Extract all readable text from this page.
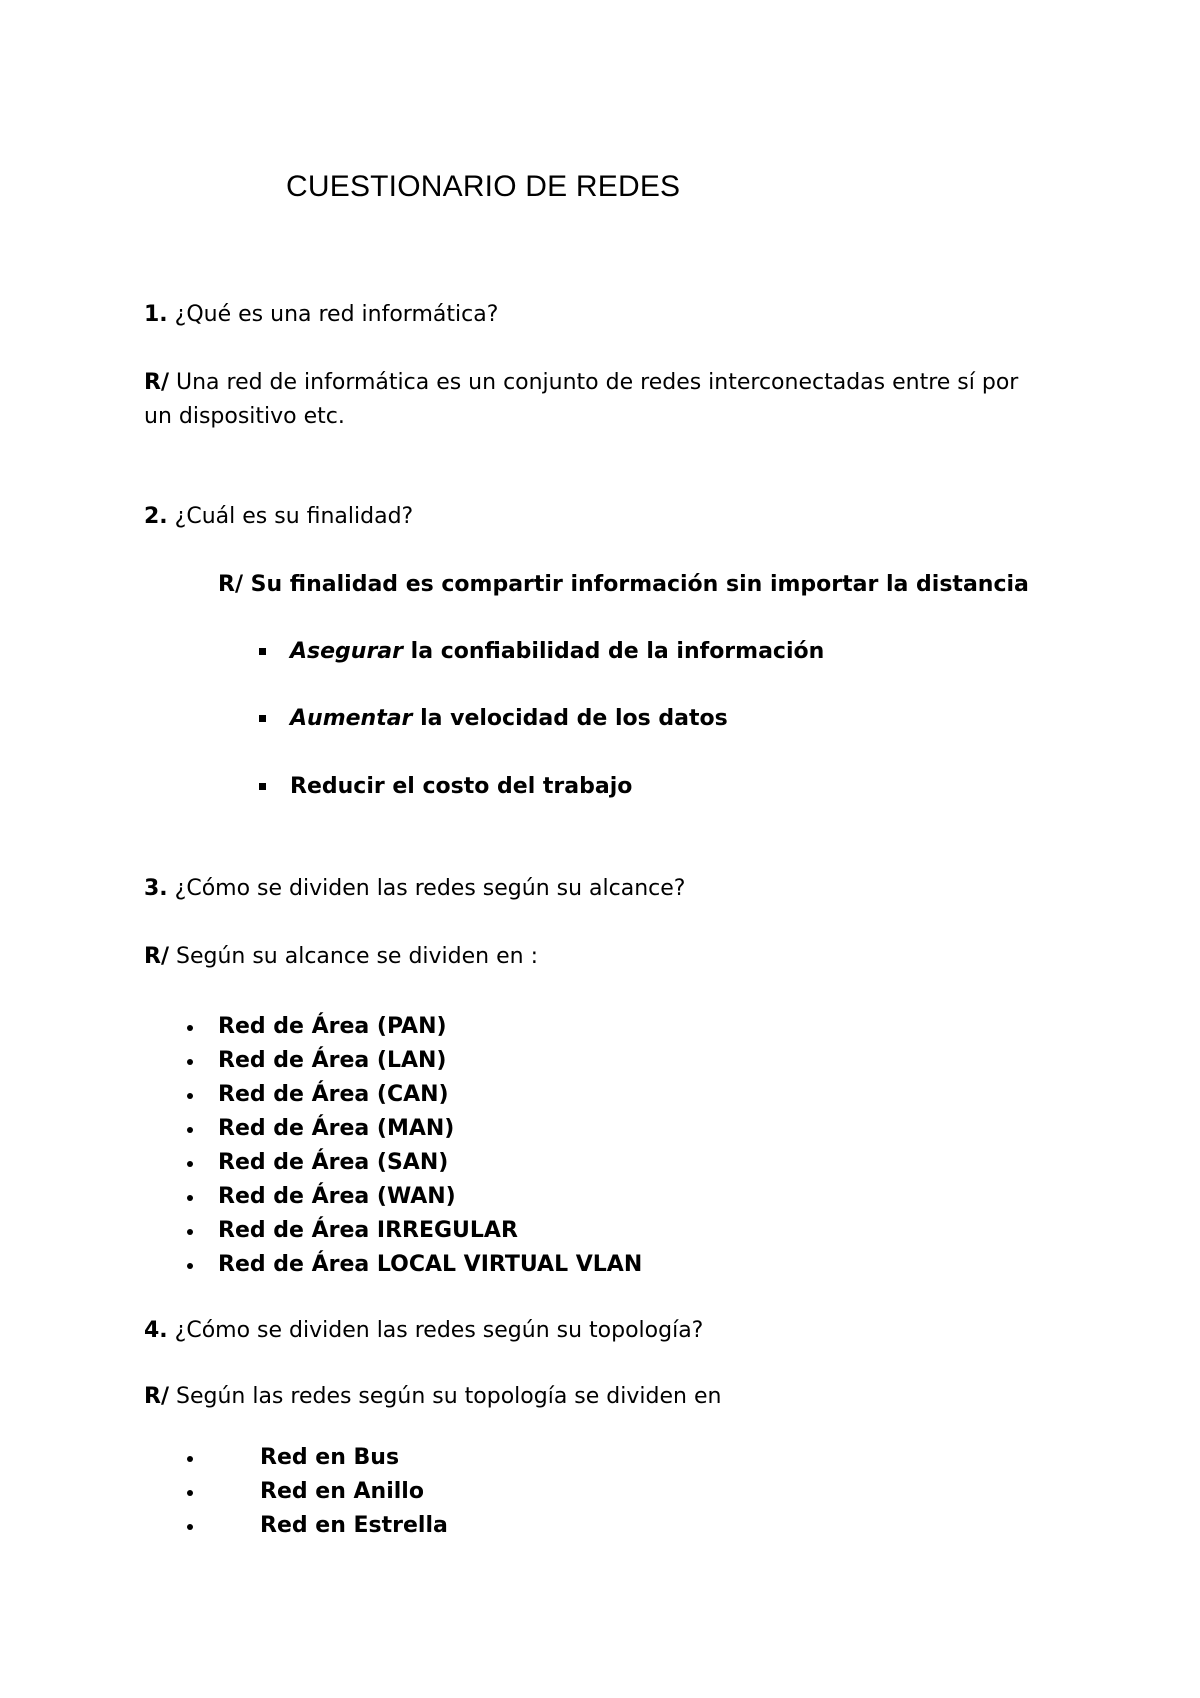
CUESTIONARIO DE REDES
1. ¿Qué es una red informática?
R/ Una red de informática es un conjunto de redes interconectadas entre sí por
un dispositivo etc.
2. ¿Cuál es su finalidad?
R/ Su finalidad es compartir información sin importar la distancia
Asegurar la confiabilidad de la información
Aumentar la velocidad de los datos
Reducir el costo del trabajo
3. ¿Cómo se dividen las redes según su alcance?
R/ Según su alcance se dividen en :
Red de Área (PAN)
Red de Área (LAN)
Red de Área (CAN)
Red de Área (MAN)
Red de Área (SAN)
Red de Área (WAN)
Red de Área IRREGULAR
Red de Área LOCAL VIRTUAL VLAN
4. ¿Cómo se dividen las redes según su topología?
R/ Según las redes según su topología se dividen en
Red en Bus
Red en Anillo
Red en Estrella
